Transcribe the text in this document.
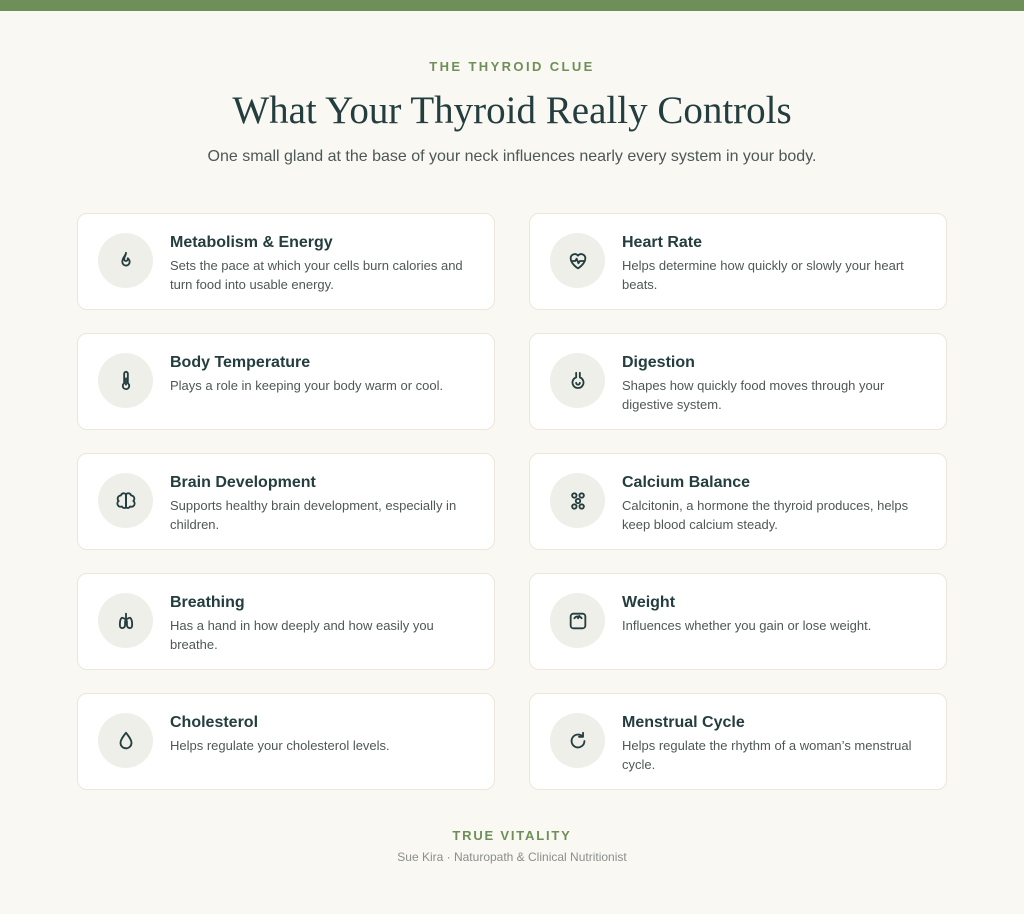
THE THYROID CLUE
What Your Thyroid Really Controls

One small gland at the base of your neck influences nearly every system in your body.

Metabolism & Energy
Sets the pace at which your cells burn calories and turn food into usable energy.
Heart Rate
Helps determine how quickly or slowly your heart beats.
Body Temperature
Plays a role in keeping your body warm or cool.
Digestion
Shapes how quickly food moves through your digestive system.
Brain Development
Supports healthy brain development, especially in children.
Calcium Balance
Calcitonin, a hormone the thyroid produces, helps keep blood calcium steady.
Breathing
Has a hand in how deeply and how easily you breathe.
Weight
Influences whether you gain or lose weight.
Cholesterol
Helps regulate your cholesterol levels.
Menstrual Cycle
Helps regulate the rhythm of a woman’s menstrual cycle.
TRUE VITALITY
Sue Kira · Naturopath & Clinical Nutritionist
